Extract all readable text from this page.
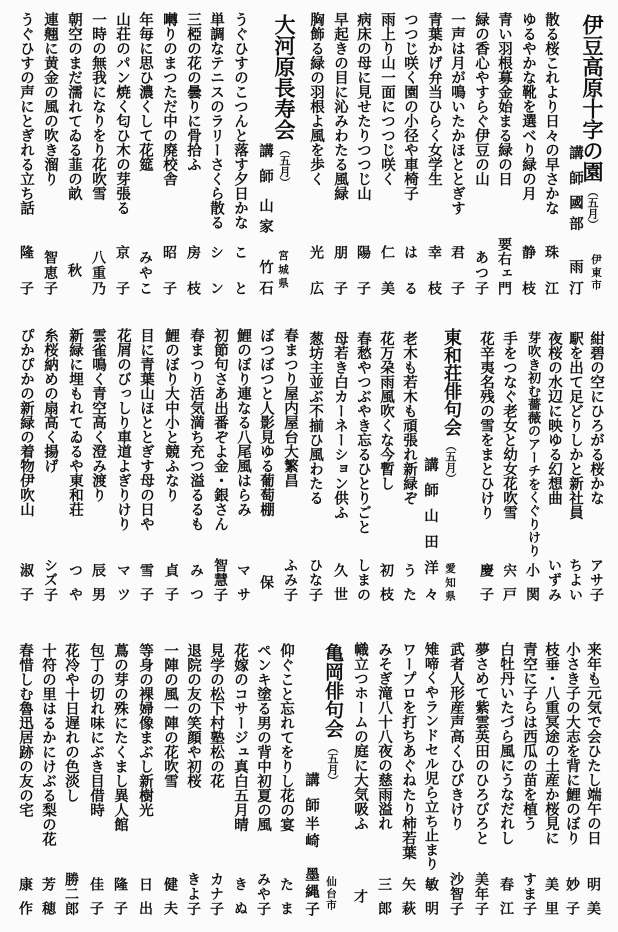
伊豆高原十字の園
（五月）
伊東市
講師
國部　雨汀
散る桜これより日々の早さかな
珠江
ゆるやかな靴を選べり緑の月
静枝
青い羽根募金始まる緑の日
要右ェ門
緑の香心やすらぐ伊豆の山
あつ子
一声は月が鳴いたかほととぎす
君子
青葉かげ弁当ひらく女学生
幸枝
つつじ咲く園の小径や車椅子
はる
雨上り山一面につつじ咲く
仁美
病床の母に見せたりつつじ山
陽子
早起きの目に沁みわたる風緑
朋子
胸飾る緑の羽根よ風を歩く
光広
大河原長寿会
（五月）
宮城県
講師
山家　竹石
うぐひすのこつんと落す夕日かな
こと
単調なテニスのラリーさくら散る
シン
三椏の花の曇りに骨拾ふ
房枝
囀りのまつただ中の廃校舎
昭子
年毎に思ひ濃くして花筵
みやこ
山荘のパン焼く匂ひ木の芽張る
京子
一時の無我になりをり花吹雪
八重乃
朝空のまだ濡れてゐる韮の畝
秋
連翹に黄金の風の吹き溜り
智恵子
うぐひすの声にとぎれる立ち話
隆子
紺碧の空にひろがる桜かな
アサ子
駅を出て足どりしかと新社員
ちよい
夜桜の水辺に映ゆる幻想曲
いずみ
芽吹き初む薔薇のアーチをくぐりけり
小関
手をつなぐ老女と幼女花吹雪
宍戸
花辛夷名残の雪をまとひけり
慶子
東和荘俳句会
（五月）
愛知県
講師
山田洋々
老木も若木も頑張れ新緑ぞ
うた
花万朶雨風吹くな今暫し
初枝
春愁やつぶやき忘るひとりごと
しまの
母若き白カーネーション供ふ
久世
葱坊主並ぶ不揃ひ風わたる
ひな子
春まつり屋内屋台大繁昌
ふみ子
ぼつぼつと人影見ゆる葡萄棚
保
鯉のぼり連なる八尾風はらみ
マサ
初節句さあ出番ぞよ金・銀さん
智慧子
春まつり活気満ち充つ溢るるも
みつ
鯉のぼり大中小と競ふなり
貞子
目に青葉山ほととぎす母の日や
雪子
花屑のびっしり車道よぎりけり
マツ
雲雀鳴く青空高く澄み渡り
辰男
新緑に埋もれてゐるや東和荘
つや
糸桜納めの扇高く揚げ
シズ子
ぴかぴかの新緑の着物伊吹山
淑子
来年も元気で会ひたし端午の日
明美
小さき子の大志を背に鯉のぼり
妙子
枝垂・八重冥途の土産か桜見に
美里
青空に子らは西瓜の苗を植う
すま子
白牡丹いたづら風にうなだれし
春江
夢さめて紫雲英田のひろびろと
美年子
武者人形産声高くひびきけり
沙智子
雉啼くやランドセル児ら立ち止まり
敏明
ワープロを打ちあぐねたり柿若葉
矢萩
みそぎ滝八十八夜の慈雨溢れ
三郎
幟立つホームの庭に大気吸ふ
才
亀岡俳句会
（五月）
仙台市
講師
半崎　墨縄子
仰ぐこと忘れてをりし花の宴
たま
ペンキ塗る男の背中初夏の風
みや子
花嫁のコサージュ真白五月晴
きぬ
見学の松下村塾松の花
カナ子
退院の友の笑顔や初桜
きよ子
一陣の風一陣の花吹雪
健夫
等身の裸婦像まぶし新樹光
日出
蔦の芽の殊にたくまし異人館
隆子
包丁の切れ味にぶき目借時
佳子
花冷や十日遅れの色淡し
勝二郎
十符の里はるかにけぶる梨の花
芳穂
春惜しむ魯迅居跡の友の宅
康作
